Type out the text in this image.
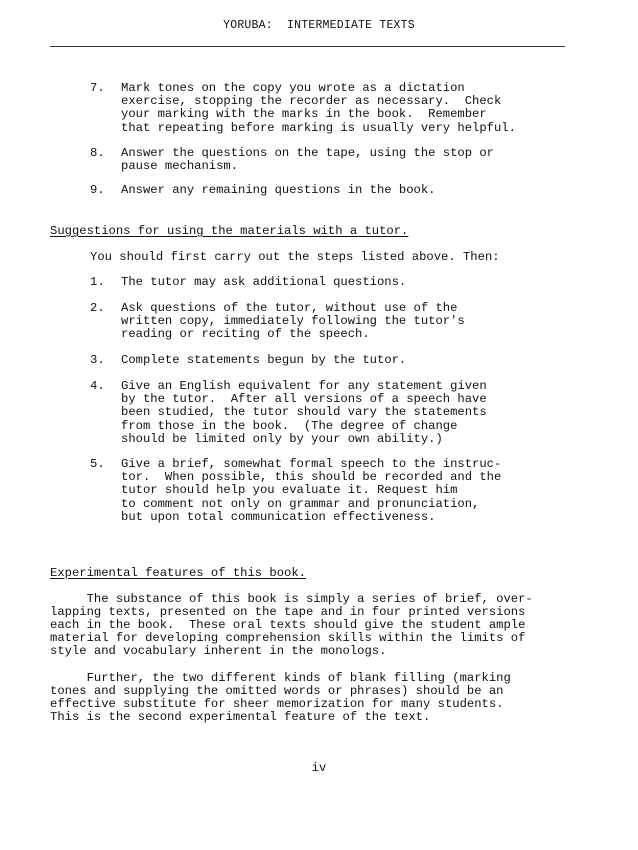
YORUBA:  INTERMEDIATE TEXTS

7.

	Mark tones on the copy you wrote as a dictation
exercise, stopping the recorder as necessary.  Check
your marking with the marks in the book.  Remember
that repeating before marking is usually very helpful.

8.

	Answer the questions on the tape, using the stop or
pause mechanism.

9.

	Answer any remaining questions in the book.

Suggestions for using the materials with a tutor.
You should first carry out the steps listed above. Then:

1.

	The tutor may ask additional questions.

2.

	Ask questions of the tutor, without use of the
written copy, immediately following the tutor's
reading or reciting of the speech.

3.

	Complete statements begun by the tutor.

4.

	Give an English equivalent for any statement given
by the tutor.  After all versions of a speech have
been studied, the tutor should vary the statements
from those in the book.  (The degree of change
should be limited only by your own ability.)

5.

	Give a brief, somewhat formal speech to the instruc-
tor.  When possible, this should be recorded and the
tutor should help you evaluate it. Request him
to comment not only on grammar and pronunciation,
but upon total communication effectiveness.

Experimental features of this book.
The substance of this book is simply a series of brief, over-
lapping texts, presented on the tape and in four printed versions
each in the book.  These oral texts should give the student ample
material for developing comprehension skills within the limits of
style and vocabulary inherent in the monologs.
Further, the two different kinds of blank filling (marking
tones and supplying the omitted words or phrases) should be an
effective substitute for sheer memorization for many students.
This is the second experimental feature of the text.
iv
